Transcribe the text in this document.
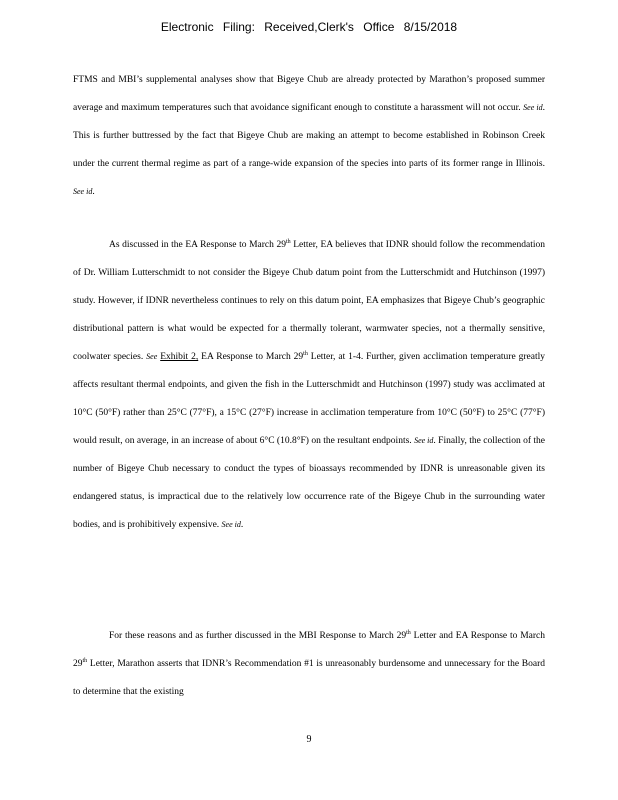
Electronic Filing: Received,Clerk's Office 8/15/2018

FTMS and MBI’s supplemental analyses show that Bigeye Chub are already protected by Marathon’s proposed summer average and maximum temperatures such that avoidance significant enough to constitute a harassment will not occur. See id. This is further buttressed by the fact that Bigeye Chub are making an attempt to become established in Robinson Creek under the current thermal regime as part of a range-wide expansion of the species into parts of its former range in Illinois. See id.

As discussed in the EA Response to March 29th Letter, EA believes that IDNR should follow the recommendation of Dr. William Lutterschmidt to not consider the Bigeye Chub datum point from the Lutterschmidt and Hutchinson (1997) study. However, if IDNR nevertheless continues to rely on this datum point, EA emphasizes that Bigeye Chub’s geographic distributional pattern is what would be expected for a thermally tolerant, warmwater species, not a thermally sensitive, coolwater species. See Exhibit 2, EA Response to March 29th Letter, at 1-4. Further, given acclimation temperature greatly affects resultant thermal endpoints, and given the fish in the Lutterschmidt and Hutchinson (1997) study was acclimated at 10°C (50°F) rather than 25°C (77°F), a 15°C (27°F) increase in acclimation temperature from 10°C (50°F) to 25°C (77°F) would result, on average, in an increase of about 6°C (10.8°F) on the resultant endpoints. See id. Finally, the collection of the number of Bigeye Chub necessary to conduct the types of bioassays recommended by IDNR is unreasonable given its endangered status, is impractical due to the relatively low occurrence rate of the Bigeye Chub in the surrounding water bodies, and is prohibitively expensive. See id.

For these reasons and as further discussed in the MBI Response to March 29th Letter and EA Response to March 29th Letter, Marathon asserts that IDNR’s Recommendation #1 is unreasonably burdensome and unnecessary for the Board to determine that the existing

9
